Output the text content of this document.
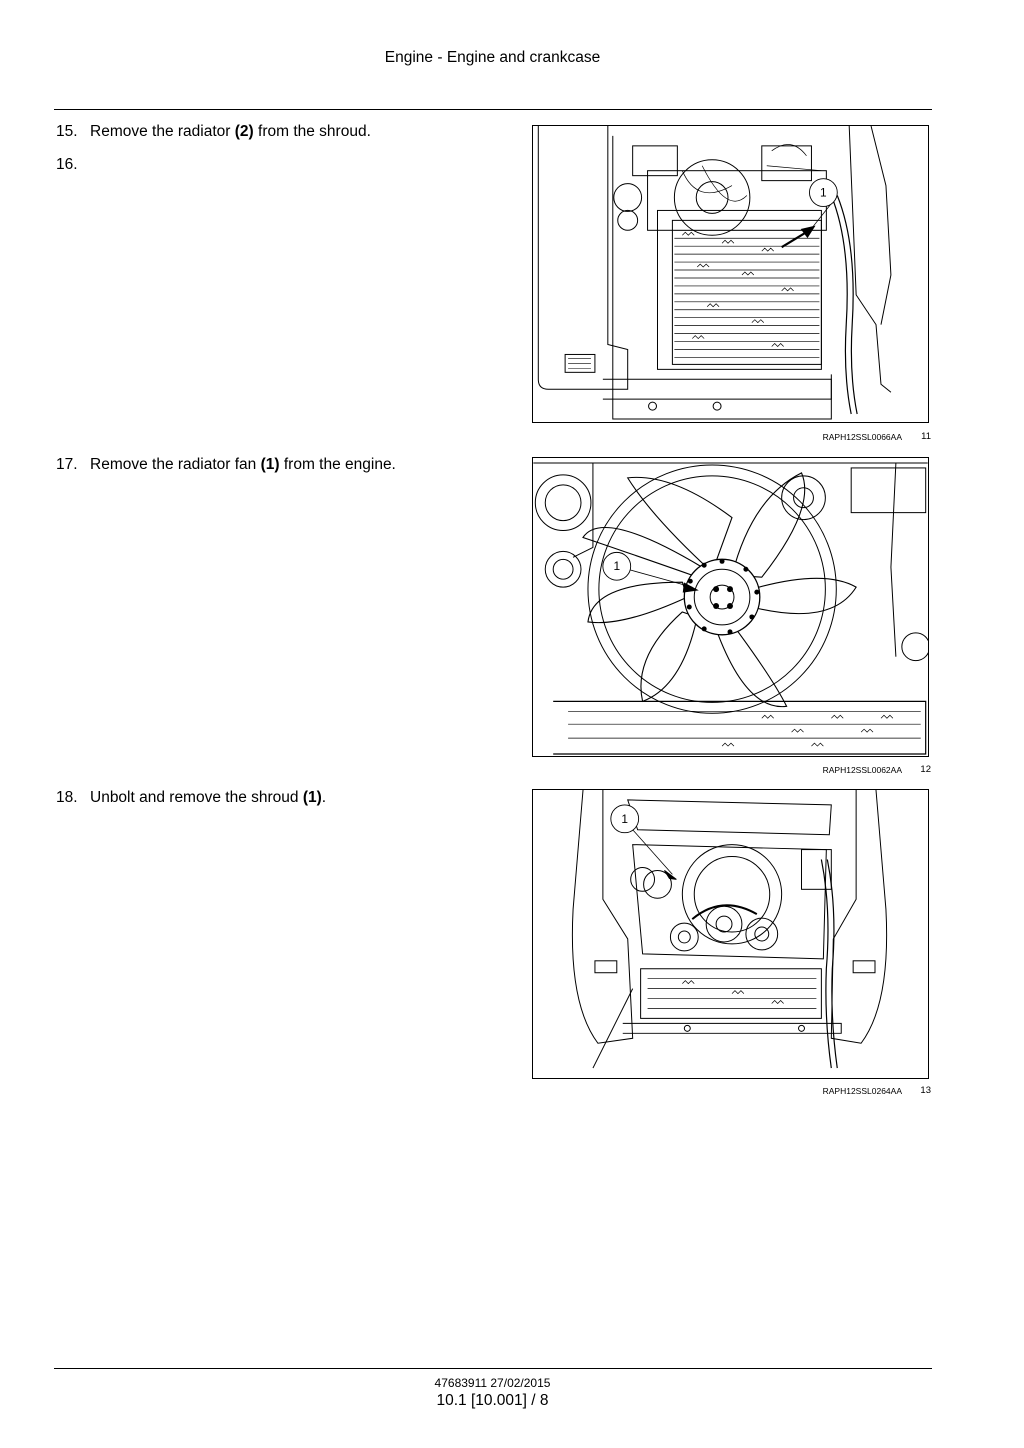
Engine - Engine and crankcase
15. Remove the radiator (2) from the shroud.
16.
17. Remove the radiator fan (1) from the engine.
18. Unbolt and remove the shroud (1).
1
RAPH12SSL0066AA	11
1
RAPH12SSL0062AA	12
1
RAPH12SSL0264AA	13
47683911 27/02/2015
10.1 [10.001] / 8
